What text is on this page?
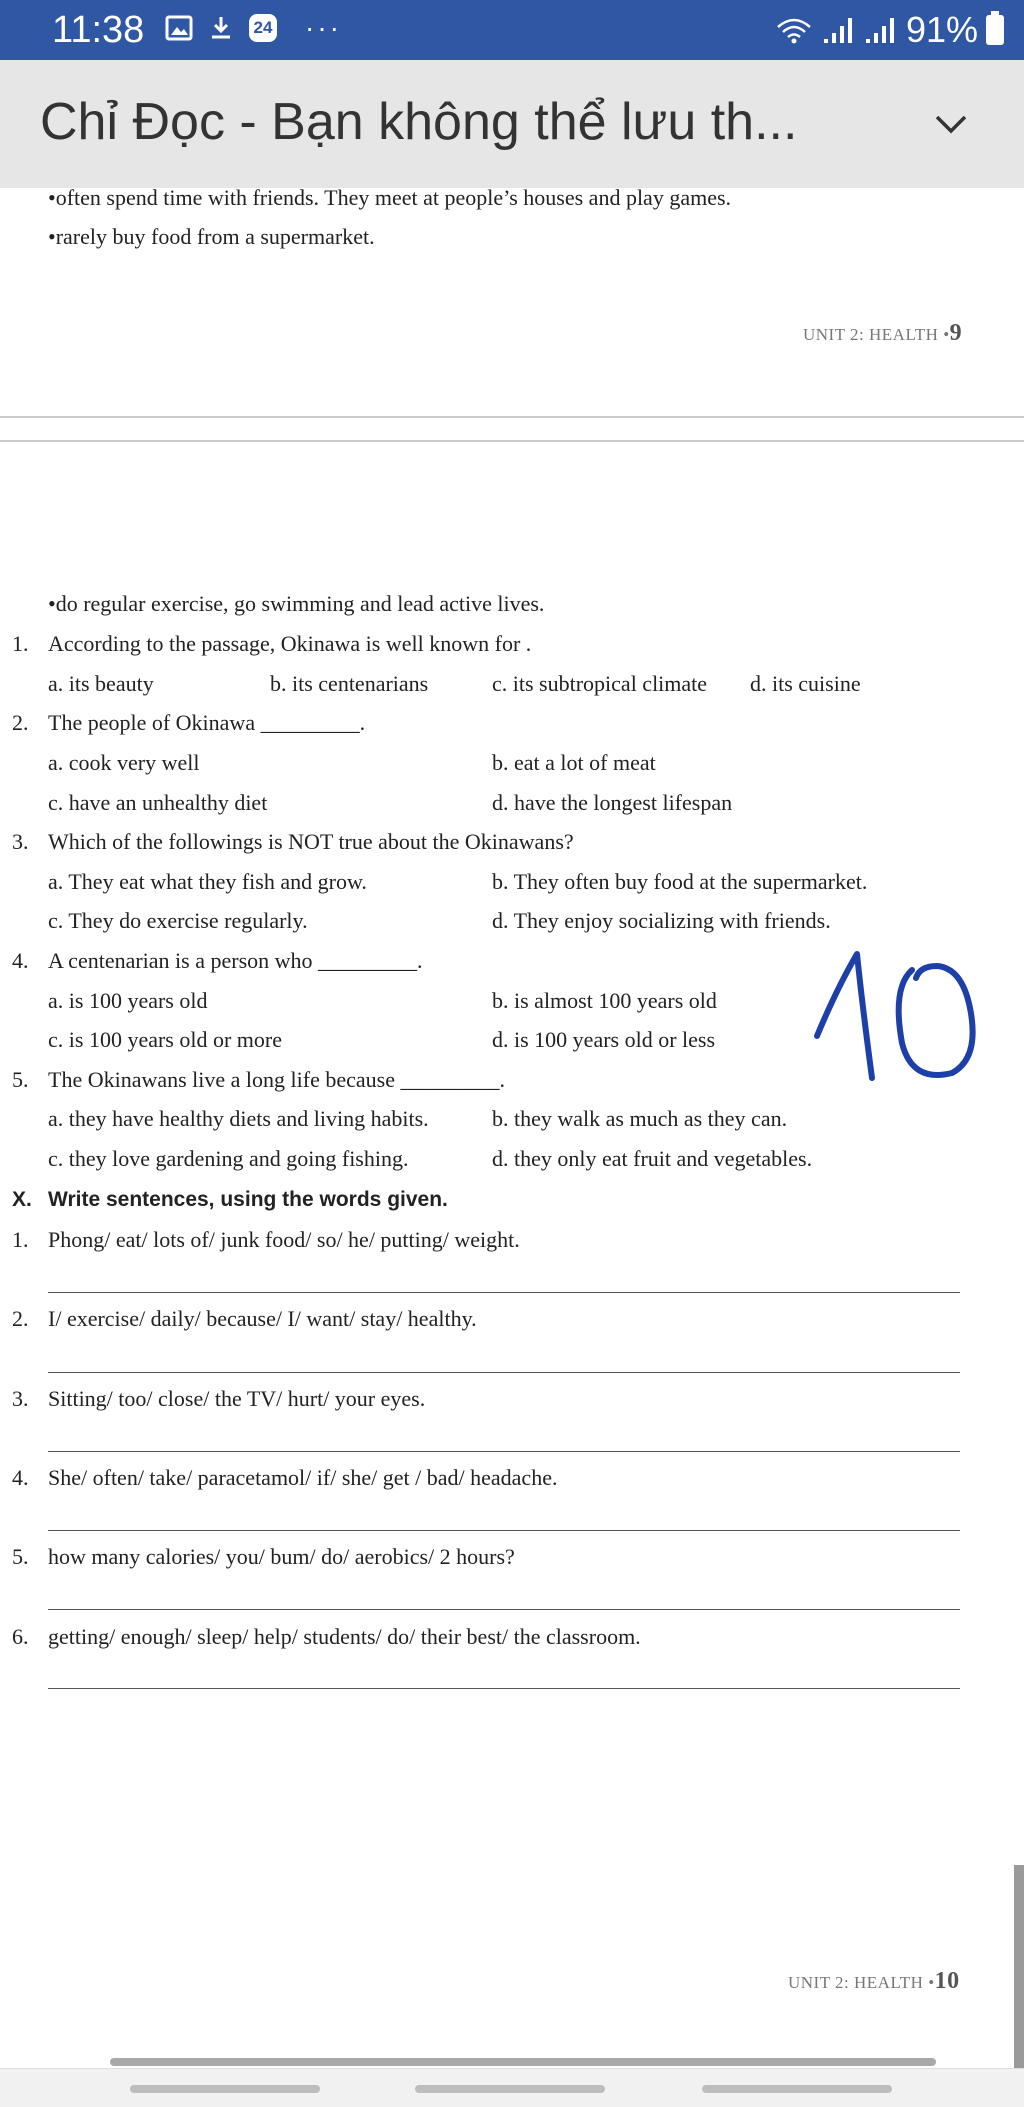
11:38	24 ···	91%
Chỉ Đọc - Bạn không thể lưu th...
•often spend time with friends. They meet at people’s houses and play games.
•rarely buy food from a supermarket.
UNIT 2: HEALTH •9
•do regular exercise, go swimming and lead active lives.
1. According to the passage, Okinawa is well known for .
a. its beauty	b. its centenarians	c. its subtropical climate d. its cuisine
2. The people of Okinawa _________.
a. cook very well	b. eat a lot of meat
c. have an unhealthy diet	d. have the longest lifespan
3. Which of the followings is NOT true about the Okinawans?
a. They eat what they fish and grow.	b. They often buy food at the supermarket.
c. They do exercise regularly.	d. They enjoy socializing with friends.
4. A centenarian is a person who _________.
a. is 100 years old	b. is almost 100 years old
c. is 100 years old or more	d. is 100 years old or less
5. The Okinawans live a long life because _________.
a. they have healthy diets and living habits.	b. they walk as much as they can.
c. they love gardening and going fishing.	d. they only eat fruit and vegetables.
X. Write sentences, using the words given.
1. Phong/ eat/ lots of/ junk food/ so/ he/ putting/ weight.
2. I/ exercise/ daily/ because/ I/ want/ stay/ healthy.
3. Sitting/ too/ close/ the TV/ hurt/ your eyes.
4. She/ often/ take/ paracetamol/ if/ she/ get / bad/ headache.
5. how many calories/ you/ bum/ do/ aerobics/ 2 hours?
6. getting/ enough/ sleep/ help/ students/ do/ their best/ the classroom.
UNIT 2: HEALTH •10
